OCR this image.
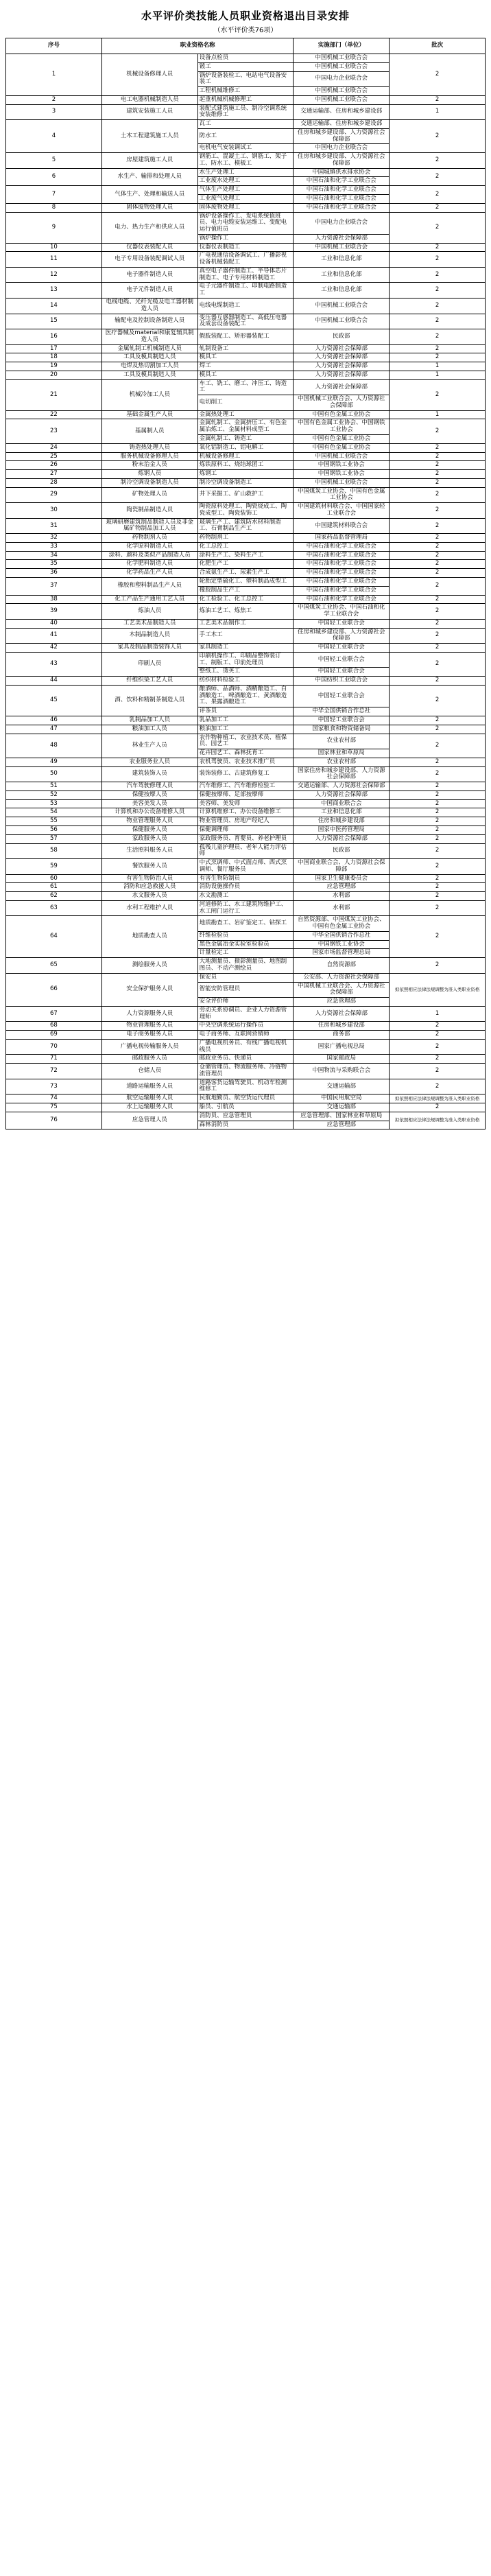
水平评价类技能人员职业资格退出目录安排
（水平评价类76项）
序号	职业资格名称		实施部门（单位）	批次
1	机械设备修理人员	设备点检员	中国机械工业联合会	2
		锻工	中国机械工业联合会	
		锅炉设备装检工、电站电气设备安装工	中国电力企业联合会	
		工程机械维修工	中国机械工业联合会	
2	电工电器机械制造人员	起重机械机械修理工	中国机械工业联合会	2
3	建筑安装施工人员	装配式建筑施工员、制冷空调系统安装维修工	交通运输部、住房和城乡建设部	1
4	土木工程建筑施工人员	瓦工	交通运输部、住房和城乡建设部	2
		防水工	住房和城乡建设部、人力资源社会保障部	
		电机电气安装调试工	中国电力企业联合会	
5	房屋建筑施工人员	钢筋工、混凝土工、钢筋工、架子工、防水工、模板工	住房和城乡建设部、人力资源社会保障部	2
6	水生产、输排和处理人员	水生产处理工	中国城镇供水排水协会	2
		工业废水处理工	中国石油和化学工业联合会	
7	气体生产、处理和输送人员	气体生产处理工	中国石油和化学工业联合会	2
		工业废气处理工	中国石油和化学工业联合会	
8	固体废物处理人员	固体废物处理工	中国石油和化学工业联合会	2
9	电力、热力生产和供应人员	锅炉设备操作工、发电系统值班员、电力电缆安装运维工、变配电运行值班员	中国电力企业联合会	2
		锅炉操作工	人力资源社会保障部	
10	仪器仪表装配人员	仪器仪表制造工	中国机械工业联合会	2
11	电子专用设备装配调试人员	广电视通信设备调试工、广播影视设备机械装配工	工业和信息化部	2
12	电子器件制造人员	真空电子器件制造工、半导体芯片制造工、电子专用材料制造工	工业和信息化部	2
13	电子元件制造人员	电子元器件制造工、印制电路制造工	工业和信息化部	2
14	电线电缆、光纤光缆及电工器材制造人员	电线电缆制造工	中国机械工业联合会	2
15	输配电及控制设备制造人员	变压器互感器制造工、高低压电器及成套设备装配工	中国机械工业联合会	2
16	医疗器械及material和康复辅具制造人员	假肢装配工、矫形器装配工	民政部	2
17	金属轧制工机械制造人员	轧制设备工	人力资源社会保障部	2
18	工具及模具制造人员	模具工	人力资源社会保障部	2
19	电焊及热切割加工人员	焊工	人力资源社会保障部	1
20	工具及模具制造人员	模具工	人力资源社会保障部	1
21	机械冷加工人员	车工、铣工、磨工、冲压工、铸造工	人力资源社会保障部	2
		电切削工	中国机械工业联合会、人力资源社会保障部	
22	基础金属生产人员	金属热处理工	中国有色金属工业协会	1
23	基属制人员	金属轧制工、金属挤压工、有色金属冶炼工、金属材料成型工	中国有色金属工业协会、中国钢铁工业协会	2
		金属轧制工、铸造工	中国有色金属工业协会	
24	铸造热处理人员	氧化铝制造工、铝电解工	中国有色金属工业协会	2
25	服务机械设备修理人员	机械设备修理工	中国机械工业联合会	2
26	粉末治金人员	炼铁原料工、烧结球团工	中国钢铁工业协会	2
27	炼钢人员	炼钢工	中国钢铁工业协会	2
28	制冷空调设备制造人员	制冷空调设备制造工	中国机械工业联合会	2
29	矿物处理人员	井下采掘工、矿山救护工	中国煤炭工业协会、中国有色金属工业协会	2
30	陶瓷制品制造人员	陶瓷原料处理工、陶瓷烧成工、陶瓷成型工、陶瓷装饰工	中国建筑材料联合会、中国国家轻工业联合会	2
31	玻璃研磨建筑制品制造人员及非金属矿物制品加工人员	玻璃生产工、建筑防水材料制造工、石膏制品生产工	中国建筑材料联合会	2
32	药物制剂人员	药物制剂工	国家药品监督管理局	2
33	化学原料制造人员	化工总控工	中国石油和化学工业联合会	2
34	涂料、颜料及类似产品制造人员	涂料生产工、染料生产工	中国石油和化学工业联合会	2
35	化学肥料制造人员	化肥生产工	中国石油和化学工业联合会	2
36	化学药品生产人员	合成氨生产工、尿素生产工	中国石油和化学工业联合会	2
37	橡胶和塑料制品生产人员	轮胎定型硫化工、塑料制品成型工	中国石油和化学工业联合会	2
		橡胶制品生产工	中国石油和化学工业联合会	
38	化工产品生产通用工艺人员	化工检验工、化工总控工	中国石油和化学工业联合会	2
39	炼油人员	炼油工艺工、炼焦工	中国煤炭工业协会、中国石油和化学工业联合会	2
40	工艺美术品制造人员	工艺美术品制作工	中国轻工业联合会	2
41	木制品制造人员	手工木工	住房和城乡建设部、人力资源社会保障部	2
42	家具及制品制造装饰人员	家具制造工	中国轻工业联合会	2
43	印刷人员	印刷机操作工、印刷品整饰装订工、制版工、印前处理员	中国轻工业联合会	2
		整纸工、烫英工	中国轻工业联合会	
44	纤维织染工艺人员	纺织材料检验工	中国纺织工业联合会	2
45	酒、饮料和精制茶制造人员	酿酒师、品酒师、酒精酿造工、白酒酿造工、啤酒酿造工、黄酒酿造工、果露酒酿造工	中国轻工业联合会	2
		评茶员	中华全国供销合作总社	
46	乳制品加工人员	乳品加工工	中国轻工业联合会	2
47	粮油加工人员	粮油加工工	国家粮食和物资储备局	2
48	林业生产人员	农作物种植工、农业技术员、植保员、园艺工	农业农村部	2
		花卉园艺工、森林抚育工	国家林业和草原局	
49	农业服务业人员	农机驾驶员、农业技术推广员	农业农村部	2
50	建筑装饰人员	装饰装修工、古建筑修复工	国家住房和城乡建设部、人力资源社会保障部	2
51	汽车驾驶修理人员	汽车维修工、汽车维修检验工	交通运输部、人力资源社会保障部	2
52	保健按摩人员	保健按摩师、足部按摩师	人力资源社会保障部	2
53	美容美发人员	美容师、美发师	中国商业联合会	2
54	计算机和办公设备维修人员	计算机维修工、办公设备维修工	工业和信息化部	2
55	物业管理服务人员	物业管理员、房地产经纪人	住房和城乡建设部	2
56	保健服务人员	保健调理师	国家中医药管理局	2
57	家政服务人员	家政服务员、育婴员、养老护理员	人力资源社会保障部	2
58	生活照料服务人员	孤残儿童护理员、老年人能力评估师	民政部	2
59	餐饮服务人员	中式烹调师、中式面点师、西式烹调师、餐厅服务员	中国商业联合会、人力资源社会保障部	2
60	有害生物防治人员	有害生物防制员	国家卫生健康委员会	2
61	消防和应急救援人员	消防设施操作员	应急管理部	2
62	水文服务人员	水文勘测工	水利部	2
63	水利工程维护人员	河道修防工、水工建筑物维护工、水工闸门运行工	水利部	2
64	地质勘查人员	地质勘查工、岩矿鉴定工、钻探工	自然资源部、中国煤炭工业协会、中国有色金属工业协会	2
		纤维检验员	中华全国供销合作总社	
		黑色金属冶金实验室检验员	中国钢铁工业协会	
		计量检定工	国家市场监督管理总局	
65	测绘服务人员	大地测量员、摄影测量员、地图制图员、不动产测绘员	自然资源部	2
66	安全保护服务人员	保安员	公安部、人力资源社会保障部	拟依照相应法律法规调整为准入类职业资格
		智能安防管理员	中国机械工业联合会、人力资源社会保障部	
		安全评价师	应急管理部	
67	人力资源服务人员	劳动关系协调员、企业人力资源管理师	人力资源社会保障部	1
68	物业管理服务人员	中央空调系统运行操作员	住房和城乡建设部	2
69	电子商务服务人员	电子商务师、互联网营销师	商务部	2
70	广播电视传输服务人员	广播电视机务员、有线广播电视机线员	国家广播电视总局	2
71	邮政服务人员	邮政业务员、快递员	国家邮政局	2
72	仓储人员	仓储管理员、物流服务师、冷链物流管理员	中国物流与采购联合会	2
73	道路运输服务人员	道路客货运输驾驶员、机动车检测维修工	交通运输部	2
74	航空运输服务人员	民航地勤员、航空货运代理员	中国民用航空局	拟依照相应法律法规调整为准入类职业资格
75	水上运输服务人员	船员、引航员	交通运输部	2
76	应急管理人员	消防员、应急管理员	应急管理部、国家林业和草原局	拟依照相应法律法规调整为准入类职业资格
		森林消防员	应急管理部	
